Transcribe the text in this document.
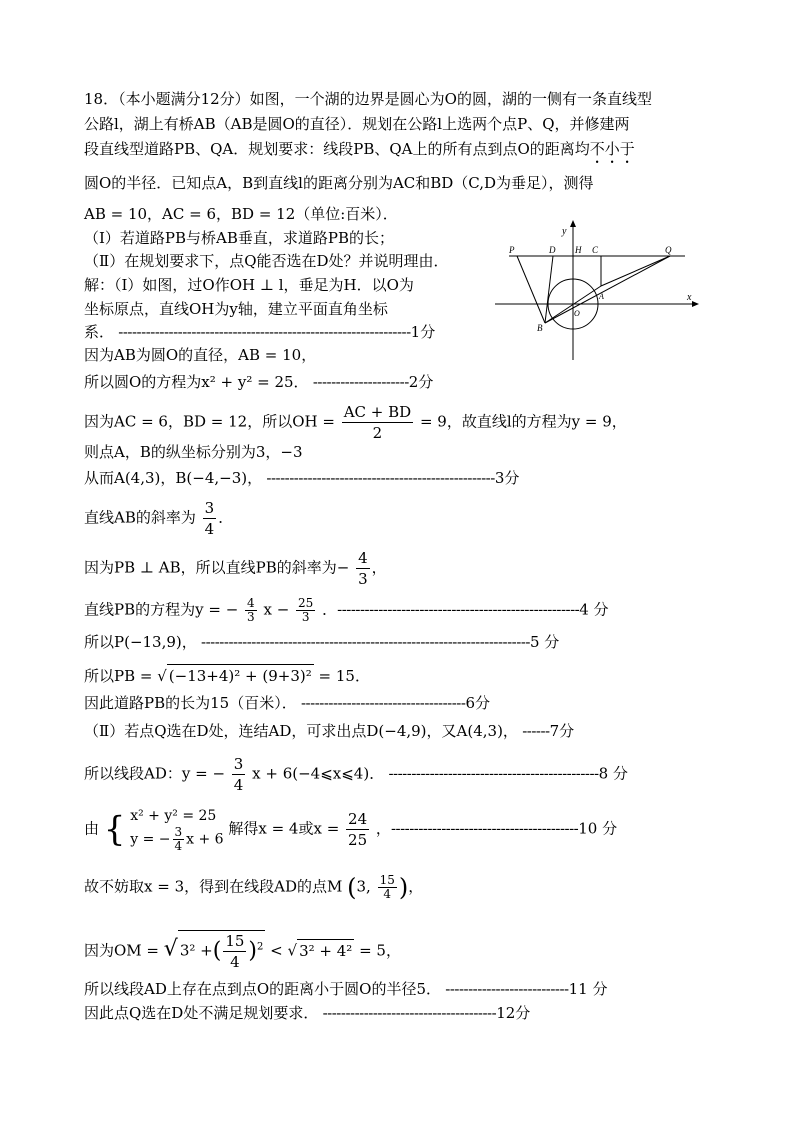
18．（本小题满分12分）如图，一个湖的边界是圆心为O的圆，湖的一侧有一条直线型
公路l，湖上有桥AB（AB是圆O的直径）．规划在公路l上选两个点P、Q，并修建两
段直线型道路PB、QA．规划要求：线段PB、QA上的所有点到点O的距离均不小于
圆O的半径．已知点A，B到直线l的距离分别为AC和BD（C,D为垂足），测得
AB = 10，AC = 6，BD = 12（单位:百米）．
（Ⅰ）若道路PB与桥AB垂直，求道路PB的长；
（Ⅱ）在规划要求下，点Q能否选在D处？并说明理由．
解：（Ⅰ）如图，过O作OH ⊥ l，垂足为H．以O为
坐标原点，直线OH为y轴，建立平面直角坐标
系． ----------------------------------------------------------------1分
因为AB为圆O的直径，AB = 10，
所以圆O的方程为x² + y² = 25． ---------------------2分
因为AC = 6，BD = 12，所以OH = $\frac{AC + BD}{2} = 9$，故直线l的方程为y = 9，
则点A，B的纵坐标分别为3，−3
从而A(4,3)，B(−4,−3)， --------------------------------------------------3分
直线AB的斜率为 $\frac{3}{4}$ ．
因为PB ⊥ AB，所以直线PB的斜率为− $\frac{4}{3}$ ，
直线PB的方程为y = − $\frac{4}{3}$ $x - \frac{25}{3}$ ．-----------------------------------------------------4 分
所以P(−13,9)， ------------------------------------------------------------------------5 分
所以PB = √ (−13+4)² + (9+3)² = 15．
因此道路PB的长为15（百米）． ------------------------------------6分
（Ⅱ）若点Q选在D处，连结AD，可求出点D(−4,9)，又A(4,3)， ------7分
所以线段AD：y = − $\frac{3}{4}$ x + 6(−4⩽x⩽4)． ----------------------------------------------8 分
由 { x² + y² = 25
y = − $\frac{3}{4}$ x + 6
解得x = 4或$x = \frac{24}{25}$ ，-----------------------------------------10 分
故不妨取x = 3，得到在线段AD的点M (3, $\frac{15}{4}$ )，
因为OM = √ 3² +( $\frac{15}{4} )^2$ < √ 3² + 4² = 5，
所以线段AD上存在点到点O的距离小于圆O的半径5． ---------------------------11 分
因此点Q选在D处不满足规划要求． --------------------------------------12分
y
x
P	D H C	Q
A
O
B
